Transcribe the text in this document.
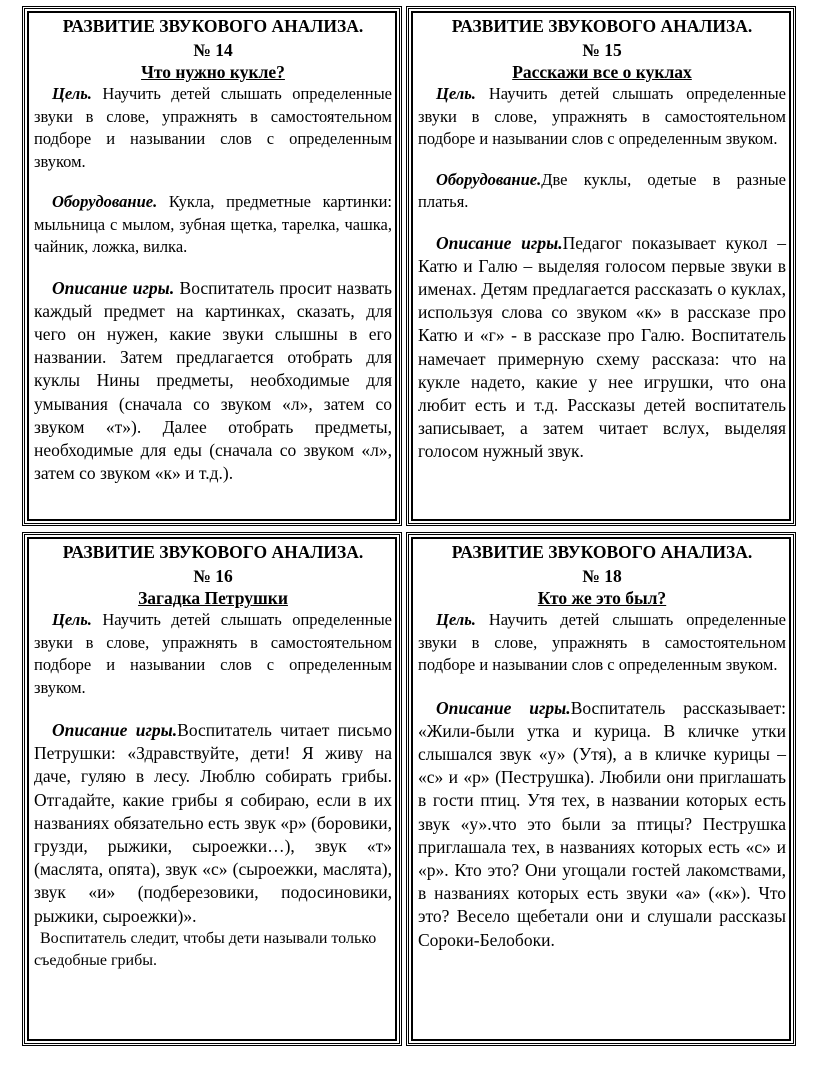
РАЗВИТИЕ ЗВУКОВОГО АНАЛИЗА.

№ 14

Что нужно кукле?

Цель. Научить детей слышать определенные звуки в слове, упражнять в самостоятельном подборе и назывании слов с определенным звуком.

Оборудование. Кукла, предметные картинки: мыльница с мылом, зубная щетка, тарелка, чашка, чайник, ложка, вилка.

Описание игры. Воспитатель просит назвать каждый предмет на картинках, сказать, для чего он нужен, какие звуки слышны в его названии. Затем предлагается отобрать для куклы Нины предметы, необходимые для умывания (сначала со звуком «л», затем со звуком «т»). Далее отобрать предметы, необходимые для еды (сначала со звуком «л», затем со звуком «к» и т.д.).

РАЗВИТИЕ ЗВУКОВОГО АНАЛИЗА.

№ 15

Расскажи все о куклах

Цель. Научить детей слышать определенные звуки в слове, упражнять в самостоятельном подборе и назывании слов с определенным звуком.

Оборудование.Две куклы, одетые в разные платья.

Описание игры.Педагог показывает кукол – Катю и Галю – выделяя голосом первые звуки в именах. Детям предлагается рассказать о куклах, используя слова со звуком «к» в рассказе про Катю и «г» - в рассказе про Галю. Воспитатель намечает примерную схему рассказа: что на кукле надето, какие у нее игрушки, что она любит есть и т.д. Рассказы детей воспитатель записывает, а затем читает вслух, выделяя голосом нужный звук.

РАЗВИТИЕ ЗВУКОВОГО АНАЛИЗА.

№ 16

Загадка Петрушки

Цель. Научить детей слышать определенные звуки в слове, упражнять в самостоятельном подборе и назывании слов с определенным звуком.

Описание игры.Воспитатель читает письмо Петрушки: «Здравствуйте, дети! Я живу на даче, гуляю в лесу. Люблю собирать грибы. Отгадайте, какие грибы я собираю, если в их названиях обязательно есть звук «р» (боровики, грузди, рыжики, сыроежки…), звук «т» (маслята, опята), звук «с» (сыроежки, маслята), звук «и» (подберезовики, подосиновики, рыжики, сыроежки)».

Воспитатель следит, чтобы дети называли только съедобные грибы.

РАЗВИТИЕ ЗВУКОВОГО АНАЛИЗА.

№ 18

Кто же это был?

Цель. Научить детей слышать определенные звуки в слове, упражнять в самостоятельном подборе и назывании слов с определенным звуком.

Описание игры.Воспитатель рассказывает: «Жили-были утка и курица. В кличке утки слышался звук «у» (Утя), а в кличке курицы – «с» и «р» (Пеструшка). Любили они приглашать в гости птиц. Утя тех, в названии которых есть звук «у».что это были за птицы? Пеструшка приглашала тех, в названиях которых есть «с» и «р». Кто это? Они угощали гостей лакомствами, в названиях которых есть звуки «а» («к»). Что это? Весело щебетали они и слушали рассказы Сороки-Белобоки.
